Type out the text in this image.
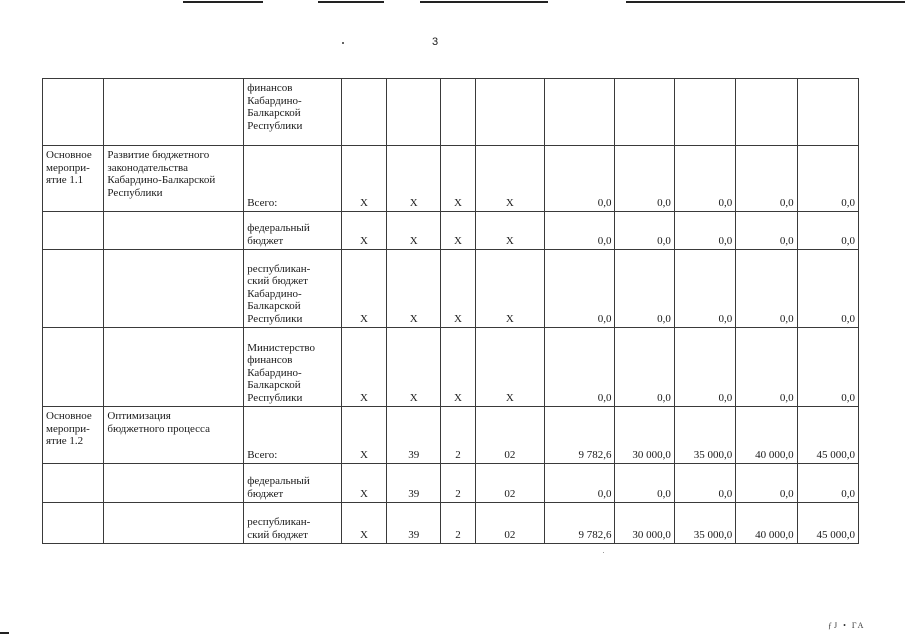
3
		финансов
Кабардино-
Балкарской
Республики									
Основное
меропри-
ятие 1.1	Развитие бюджетного
законодательства
Кабардино-Балкарской
Республики	Всего:	X	X	X	X	0,0	0,0	0,0	0,0	0,0
		федеральный
бюджет	X	X	X	X	0,0	0,0	0,0	0,0	0,0
		республикан-
ский бюджет
Кабардино-
Балкарской
Республики	X	X	X	X	0,0	0,0	0,0	0,0	0,0
		Министерство
финансов
Кабардино-
Балкарской
Республики	X	X	X	X	0,0	0,0	0,0	0,0	0,0
Основное
меропри-
ятие 1.2	Оптимизация
бюджетного процесса	Всего:	X	39	2	02	9 782,6	30 000,0	35 000,0	40 000,0	45 000,0
		федеральный
бюджет	X	39	2	02	0,0	0,0	0,0	0,0	0,0
		республикан-
ский бюджет	X	39	2	02	9 782,6	30 000,0	35 000,0	40 000,0	45 000,0
ƒJ • ГА
